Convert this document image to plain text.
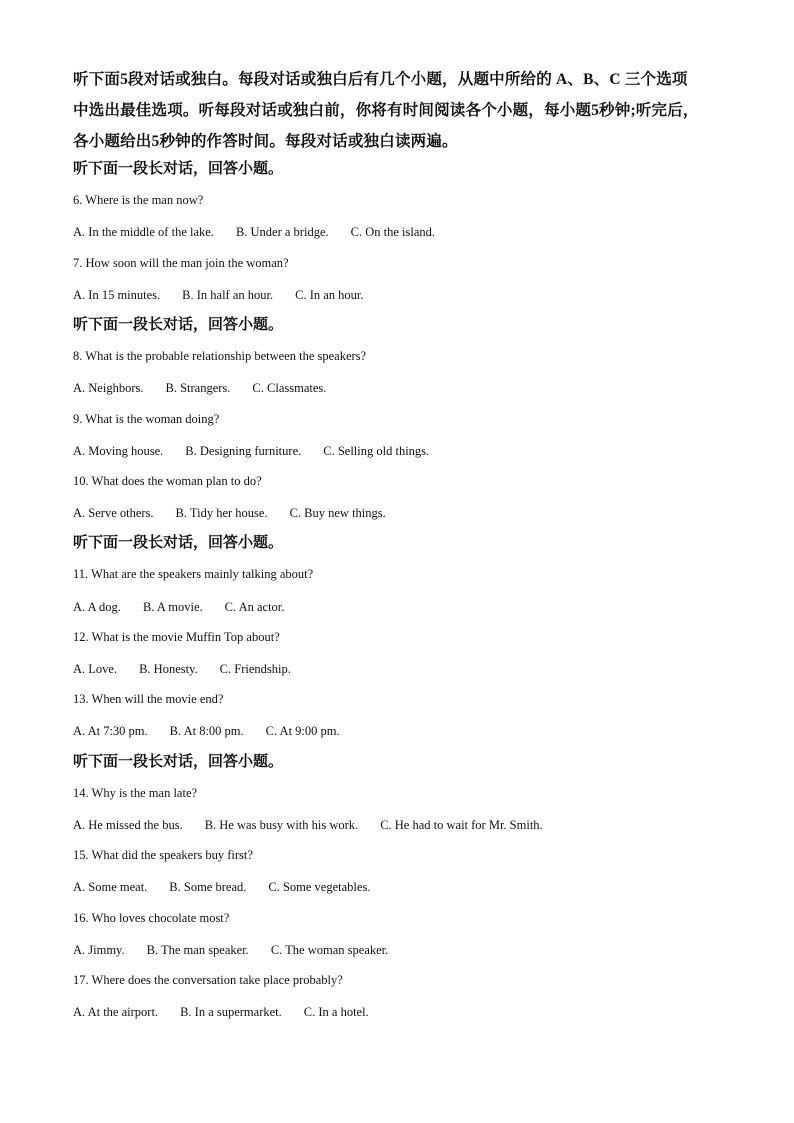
听下面5段对话或独白。每段对话或独白后有几个小题，从题中所给的 A、B、C 三个选项

中选出最佳选项。听每段对话或独白前，你将有时间阅读各个小题，每小题5秒钟;听完后，

各小题给出5秒钟的作答时间。每段对话或独白读两遍。

听下面一段长对话，回答小题。
6. Where is the man now?
A. In the middle of the lake. B. Under a bridge. C. On the island.
7. How soon will the man join the woman?
A. In 15 minutes. B. In half an hour. C. In an hour.
听下面一段长对话，回答小题。
8. What is the probable relationship between the speakers?
A. Neighbors. B. Strangers. C. Classmates.
9. What is the woman doing?
A. Moving house. B. Designing furniture. C. Selling old things.
10. What does the woman plan to do?
A. Serve others. B. Tidy her house. C. Buy new things.
听下面一段长对话，回答小题。
11. What are the speakers mainly talking about?
A. A dog. B. A movie. C. An actor.
12. What is the movie Muffin Top about?
A. Love. B. Honesty. C. Friendship.
13. When will the movie end?
A. At 7:30 pm. B. At 8:00 pm. C. At 9:00 pm.
听下面一段长对话，回答小题。
14. Why is the man late?
A. He missed the bus. B. He was busy with his work. C. He had to wait for Mr. Smith.
15. What did the speakers buy first?
A. Some meat. B. Some bread. C. Some vegetables.
16. Who loves chocolate most?
A. Jimmy. B. The man speaker. C. The woman speaker.
17. Where does the conversation take place probably?
A. At the airport. B. In a supermarket. C. In a hotel.
